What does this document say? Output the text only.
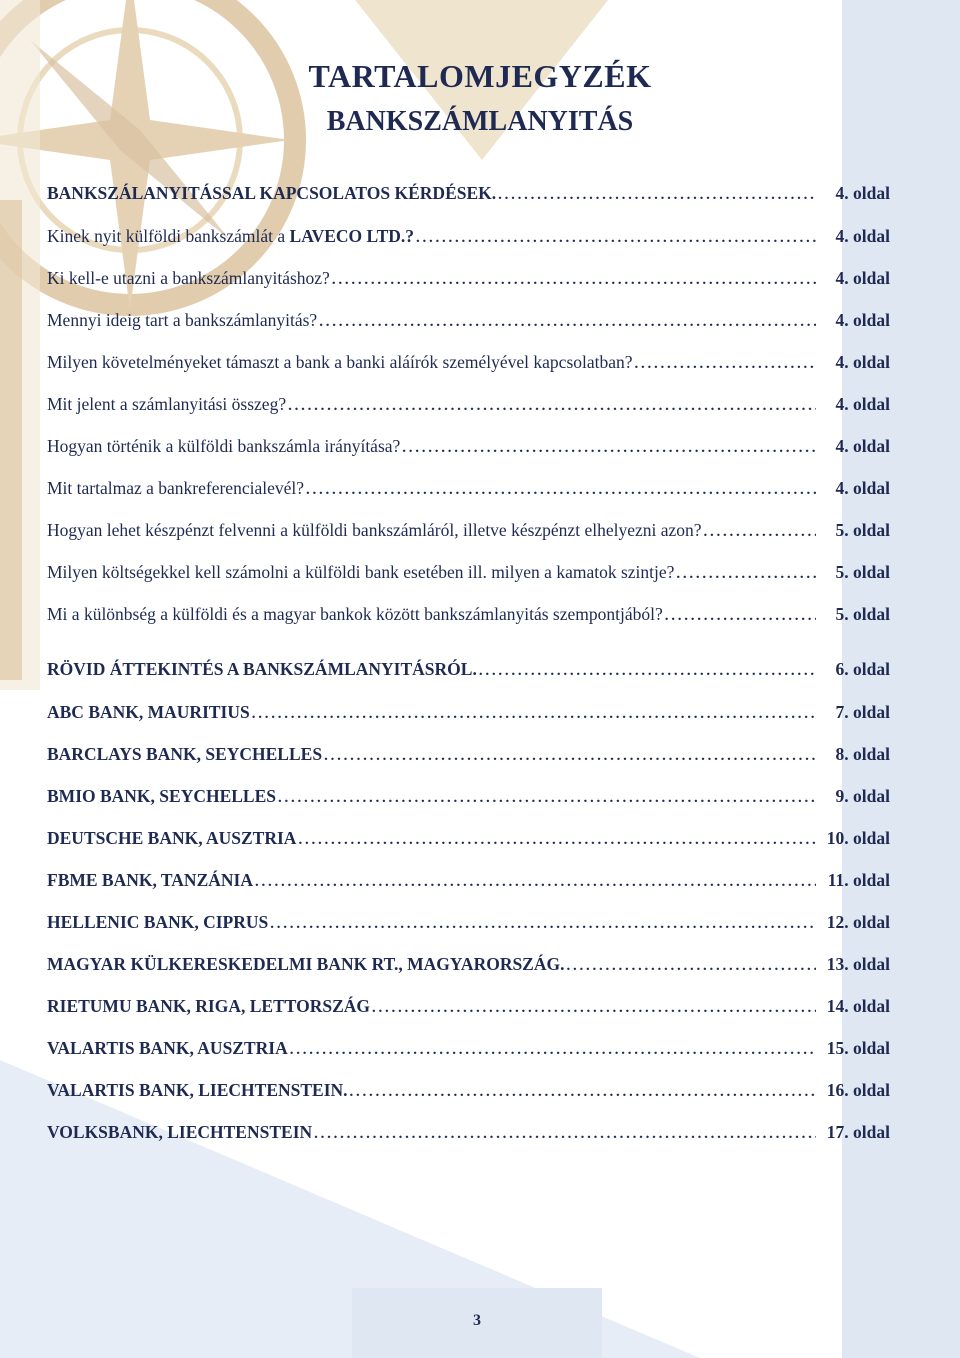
TARTALOMJEGYZÉK
BANKSZÁMLANYITÁS
BANKSZÁLANYITÁSSAL KAPCSOLATOS KÉRDÉSEK. . . .	4. oldal
Kinek nyit külföldi bankszámlát a LAVECO LTD.? . . .	4. oldal
Ki kell-e utazni a bankszámlanyitáshoz? . . .	4. oldal
Mennyi ideig tart a bankszámlanyitás? . . .	4. oldal
Milyen követelményeket támaszt a bank a banki aláírók személyével kapcsolatban? . . .	4. oldal
Mit jelent a számlanyitási összeg? . . .	4. oldal
Hogyan történik a külföldi bankszámla irányítása? . . .	4. oldal
Mit tartalmaz a bankreferencialevél? . . .	4. oldal
Hogyan lehet készpénzt felvenni a külföldi bankszámláról, illetve készpénzt elhelyezni azon? . . .	5. oldal
Milyen költségekkel kell számolni a külföldi bank esetében ill. milyen a kamatok szintje? . . .	5. oldal
Mi a különbség a külföldi és a magyar bankok között bankszámlanyitás szempontjából? . . .	5. oldal
RÖVID ÁTTEKINTÉS A BANKSZÁMLANYITÁSRÓL. . . .	6. oldal
ABC BANK, MAURITIUS . . .	7. oldal
BARCLAYS BANK, SEYCHELLES . . .	8. oldal
BMIO BANK, SEYCHELLES . . .	9. oldal
DEUTSCHE BANK, AUSZTRIA . . .	10. oldal
FBME BANK, TANZÁNIA . . .	11. oldal
HELLENIC BANK, CIPRUS . . .	12. oldal
MAGYAR KÜLKERESKEDELMI BANK RT., MAGYARORSZÁG. . . .	13. oldal
RIETUMU BANK, RIGA, LETTORSZÁG . . .	14. oldal
VALARTIS BANK, AUSZTRIA . . .	15. oldal
VALARTIS BANK, LIECHTENSTEIN. . . .	16. oldal
VOLKSBANK, LIECHTENSTEIN . . .	17. oldal
3
